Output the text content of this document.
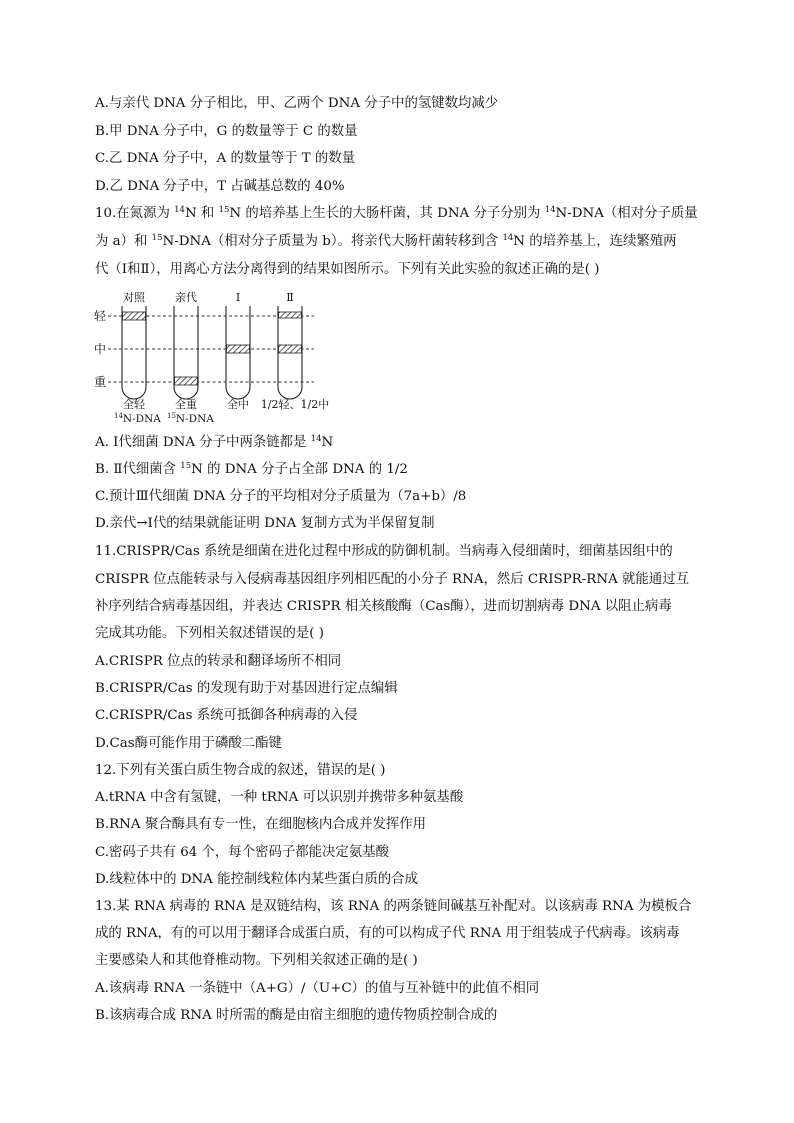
A.与亲代 DNA 分子相比，甲、乙两个 DNA 分子中的氢键数均减少
B.甲 DNA 分子中，G 的数量等于 C 的数量
C.乙 DNA 分子中，A 的数量等于 T 的数量
D.乙 DNA 分子中，T 占碱基总数的 40%
10.在氮源为 $^{14}$N 和 $^{15}$N 的培养基上生长的大肠杆菌，其 DNA 分子分别为 $^{14}$N-DNA（相对分子质量
为 a）和 $^{15}$N-DNA（相对分子质量为 b）。将亲代大肠杆菌转移到含 $^{14}$N 的培养基上，连续繁殖两
代（Ⅰ和Ⅱ），用离心方法分离得到的结果如图所示。下列有关此实验的叙述正确的是( )
对照	亲代	Ⅰ	Ⅱ
轻
中
重
全轻	全重	全中 1/2轻、1/2中
$^{14}$N-DNA $^{15}$N-DNA
A. Ⅰ代细菌 DNA 分子中两条链都是 $^{14}$N
B. Ⅱ代细菌含 $^{15}$N 的 DNA 分子占全部 DNA 的 1/2
C.预计Ⅲ代细菌 DNA 分子的平均相对分子质量为（7a+b）/8
D.亲代→Ⅰ代的结果就能证明 DNA 复制方式为半保留复制
11.CRISPR/Cas 系统是细菌在进化过程中形成的防御机制。当病毒入侵细菌时，细菌基因组中的
CRISPR 位点能转录与入侵病毒基因组序列相匹配的小分子 RNA，然后 CRISPR-RNA 就能通过互
补序列结合病毒基因组，并表达 CRISPR 相关核酸酶（Cas酶），进而切割病毒 DNA 以阻止病毒
完成其功能。下列相关叙述错误的是( )
A.CRISPR 位点的转录和翻译场所不相同
B.CRISPR/Cas 的发现有助于对基因进行定点编辑
C.CRISPR/Cas 系统可抵御各种病毒的入侵
D.Cas酶可能作用于磷酸二酯键
12.下列有关蛋白质生物合成的叙述，错误的是( )
A.tRNA 中含有氢键，一种 tRNA 可以识别并携带多种氨基酸
B.RNA 聚合酶具有专一性，在细胞核内合成并发挥作用
C.密码子共有 64 个，每个密码子都能决定氨基酸
D.线粒体中的 DNA 能控制线粒体内某些蛋白质的合成
13.某 RNA 病毒的 RNA 是双链结构，该 RNA 的两条链间碱基互补配对。以该病毒 RNA 为模板合
成的 RNA，有的可以用于翻译合成蛋白质，有的可以构成子代 RNA 用于组装成子代病毒。该病毒
主要感染人和其他脊椎动物。下列相关叙述正确的是( )
A.该病毒 RNA 一条链中（A+G）/（U+C）的值与互补链中的此值不相同
B.该病毒合成 RNA 时所需的酶是由宿主细胞的遗传物质控制合成的
